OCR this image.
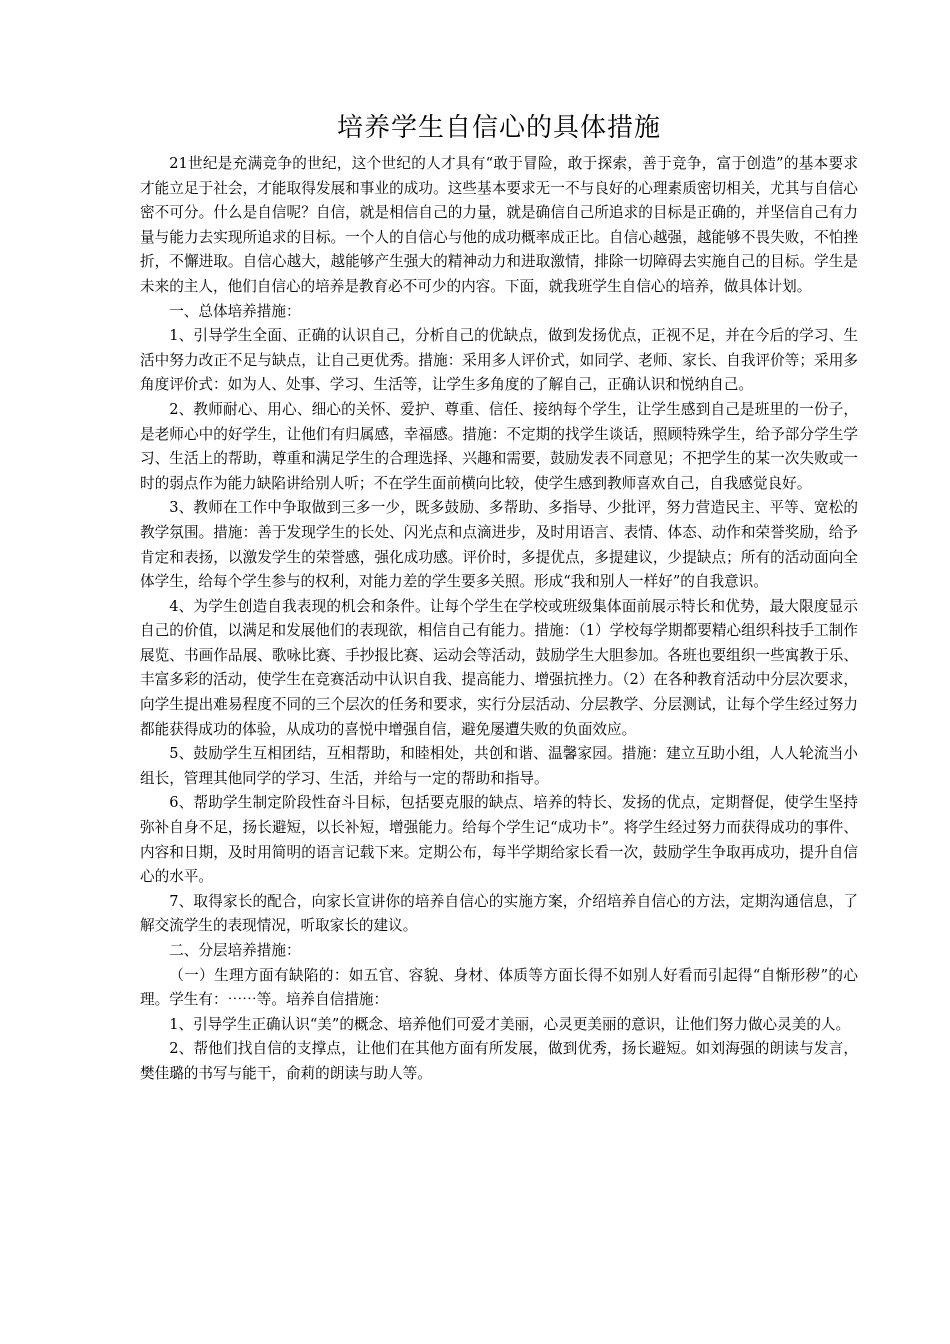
培养学生自信心的具体措施

21世纪是充满竞争的世纪，这个世纪的人才具有“敢于冒险，敢于探索，善于竞争，富于创造”的基本要求才能立足于社会，才能取得发展和事业的成功。这些基本要求无一不与良好的心理素质密切相关，尤其与自信心密不可分。什么是自信呢？自信，就是相信自己的力量，就是确信自己所追求的目标是正确的，并坚信自己有力量与能力去实现所追求的目标。一个人的自信心与他的成功概率成正比。自信心越强，越能够不畏失败，不怕挫折，不懈进取。自信心越大，越能够产生强大的精神动力和进取激情，排除一切障碍去实施自己的目标。学生是未来的主人，他们自信心的培养是教育必不可少的内容。下面，就我班学生自信心的培养，做具体计划。

一、总体培养措施：

1、引导学生全面、正确的认识自己，分析自己的优缺点，做到发扬优点，正视不足，并在今后的学习、生活中努力改正不足与缺点，让自己更优秀。措施：采用多人评价式，如同学、老师、家长、自我评价等；采用多角度评价式：如为人、处事、学习、生活等，让学生多角度的了解自己，正确认识和悦纳自己。

2、教师耐心、用心、细心的关怀、爱护、尊重、信任、接纳每个学生，让学生感到自己是班里的一份子，是老师心中的好学生，让他们有归属感，幸福感。措施：不定期的找学生谈话，照顾特殊学生，给予部分学生学习、生活上的帮助，尊重和满足学生的合理选择、兴趣和需要，鼓励发表不同意见；不把学生的某一次失败或一时的弱点作为能力缺陷讲给别人听；不在学生面前横向比较，使学生感到教师喜欢自己，自我感觉良好。

3、教师在工作中争取做到三多一少，既多鼓励、多帮助、多指导、少批评，努力营造民主、平等、宽松的教学氛围。措施：善于发现学生的长处、闪光点和点滴进步，及时用语言、表情、体态、动作和荣誉奖励，给予肯定和表扬，以激发学生的荣誉感，强化成功感。评价时，多提优点，多提建议，少提缺点；所有的活动面向全体学生，给每个学生参与的权利，对能力差的学生要多关照。形成“我和别人一样好”的自我意识。

4、为学生创造自我表现的机会和条件。让每个学生在学校或班级集体面前展示特长和优势，最大限度显示自己的价值，以满足和发展他们的表现欲，相信自己有能力。措施：（1）学校每学期都要精心组织科技手工制作展览、书画作品展、歌咏比赛、手抄报比赛、运动会等活动，鼓励学生大胆参加。各班也要组织一些寓教于乐、丰富多彩的活动，使学生在竞赛活动中认识自我、提高能力、增强抗挫力。（2）在各种教育活动中分层次要求，向学生提出难易程度不同的三个层次的任务和要求，实行分层活动、分层教学、分层测试，让每个学生经过努力都能获得成功的体验，从成功的喜悦中增强自信，避免屡遭失败的负面效应。

5、鼓励学生互相团结，互相帮助，和睦相处，共创和谐、温馨家园。措施：建立互助小组，人人轮流当小组长，管理其他同学的学习、生活，并给与一定的帮助和指导。

6、帮助学生制定阶段性奋斗目标，包括要克服的缺点、培养的特长、发扬的优点，定期督促，使学生坚持弥补自身不足，扬长避短，以长补短，增强能力。给每个学生记“成功卡”。将学生经过努力而获得成功的事件、内容和日期，及时用简明的语言记载下来。定期公布，每半学期给家长看一次，鼓励学生争取再成功，提升自信心的水平。

7、取得家长的配合，向家长宣讲你的培养自信心的实施方案，介绍培养自信心的方法，定期沟通信息，了解交流学生的表现情况，听取家长的建议。

二、分层培养措施：

（一）生理方面有缺陷的：如五官、容貌、身材、体质等方面长得不如别人好看而引起得“自惭形秽”的心理。学生有：⋯⋯等。培养自信措施：

1、引导学生正确认识“美”的概念、培养他们可爱才美丽，心灵更美丽的意识，让他们努力做心灵美的人。

2、帮他们找自信的支撑点，让他们在其他方面有所发展，做到优秀，扬长避短。如刘海强的朗读与发言，樊佳璐的书写与能干，俞莉的朗读与助人等。
